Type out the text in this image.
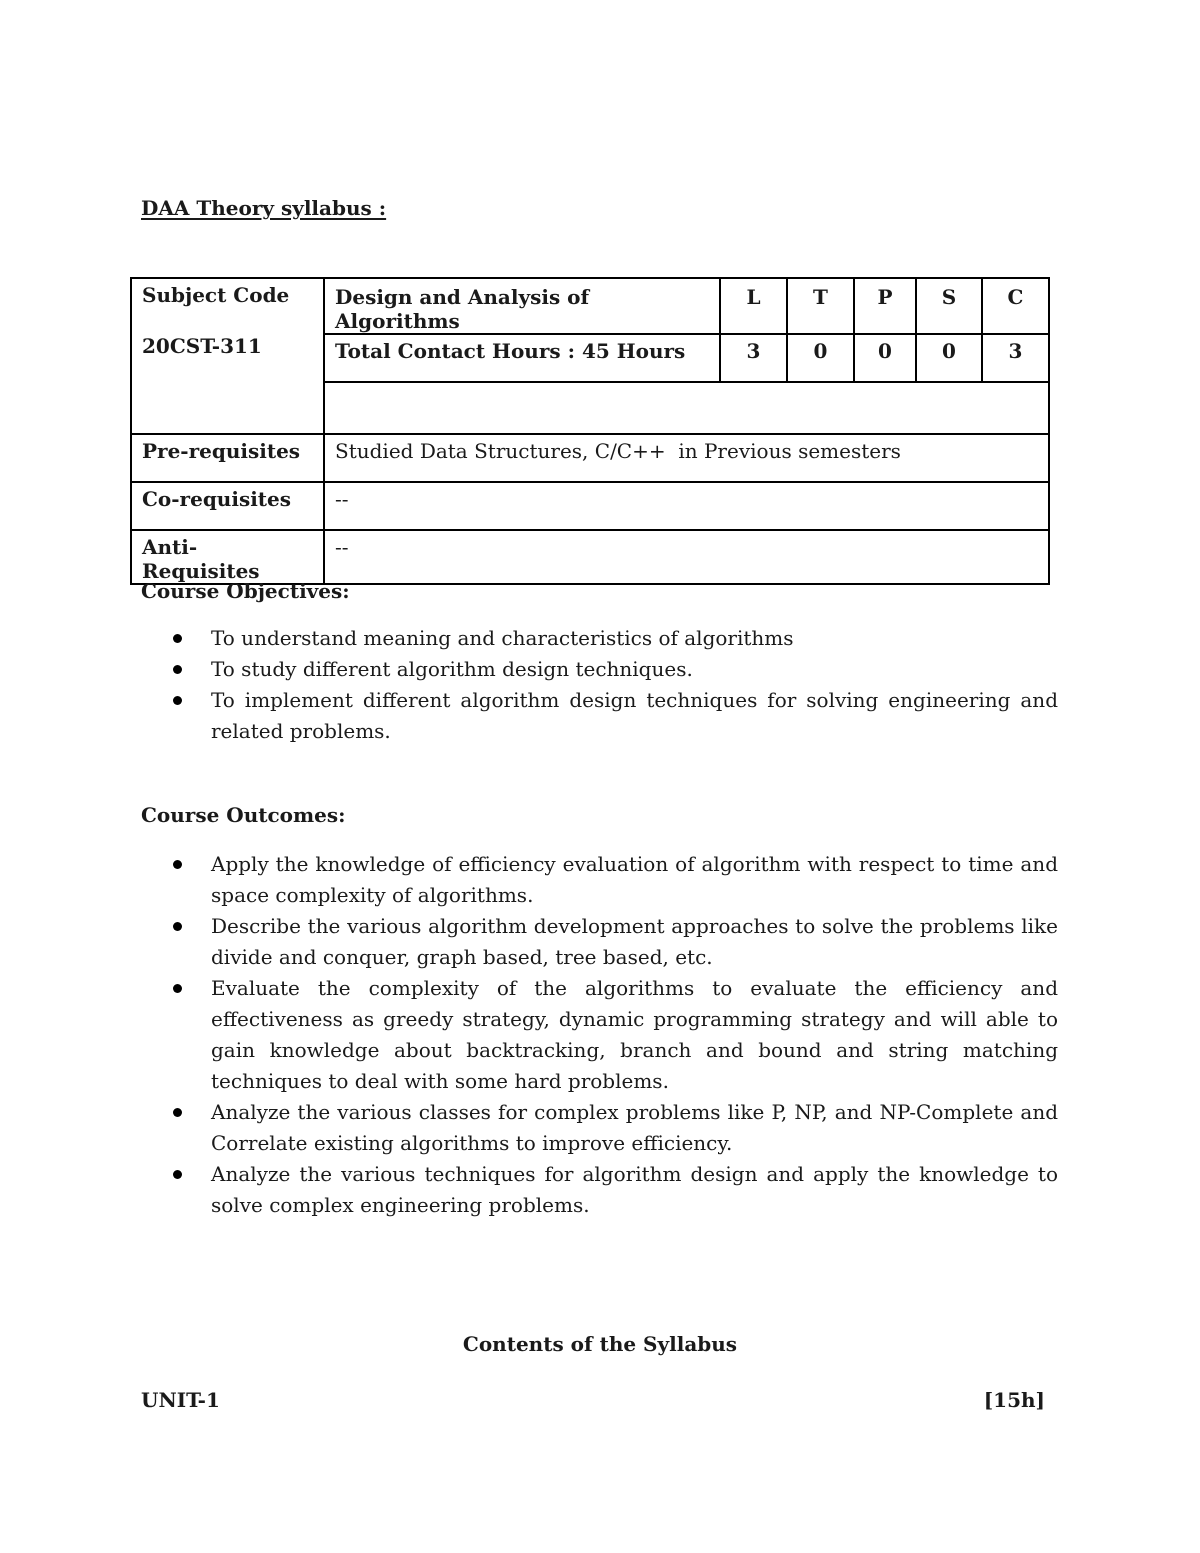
DAA Theory syllabus :
Subject Code
20CST-311	Design and Analysis of Algorithms	L	T	P	S	C
	Total Contact Hours : 45 Hours	3	0	0	0	3

Pre-requisites	Studied Data Structures, C/C++  in Previous semesters					
Co-requisites	--					
Anti-Requisites	--					
Course Objectives:
To understand meaning and characteristics of algorithms
To study different algorithm design techniques.
To implement different algorithm design techniques for solving engineering and related problems.
Course Outcomes:
Apply the knowledge of efficiency evaluation of algorithm with respect to time and space complexity of algorithms.
Describe the various algorithm development approaches to solve the problems like divide and conquer, graph based, tree based, etc.
Evaluate the complexity of the algorithms to evaluate the efficiency and effectiveness as greedy strategy, dynamic programming strategy and will able to gain knowledge about backtracking, branch and bound and string matching techniques to deal with some hard problems.
Analyze the various classes for complex problems like P, NP, and NP-Complete and Correlate existing algorithms to improve efficiency.
Analyze the various techniques for algorithm design and apply the knowledge to solve complex engineering problems.
Contents of the Syllabus
UNIT-1	[15h]
